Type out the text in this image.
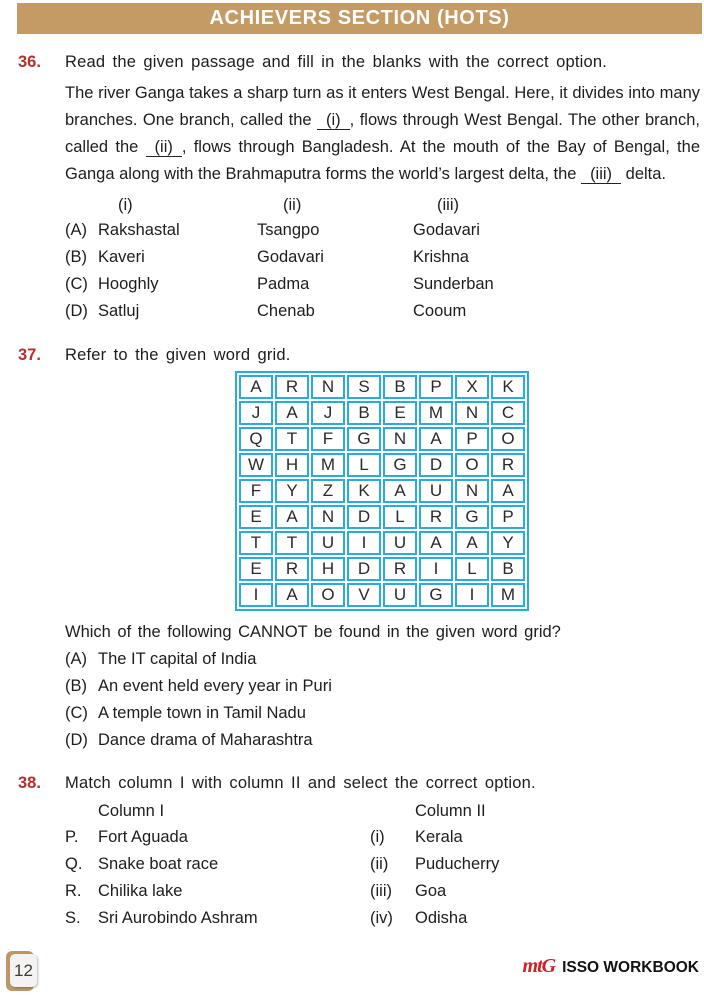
ACHIEVERS SECTION (HOTS)
36.	Read the given passage and fill in the blanks with the correct option.

The river Ganga takes a sharp turn as it enters West Bengal. Here, it divides into many branches. One branch, called the (i) , flows through West Bengal. The other branch, called the (ii) , flows through Bangladesh. At the mouth of the Bay of Bengal, the Ganga along with the Brahmaputra forms the world’s largest delta, the (iii) delta.

(i)	(ii)	(iii)
(A) Rakshastal	Tsangpo	Godavari
(B) Kaveri	Godavari	Krishna
(C) Hooghly	Padma	Sunderban
(D) Satluj	Chenab	Cooum
37.	Refer to the given word grid.
A	R	N	S	B	P	X	K
J	A	J	B	E	M	N	C
Q	T	F	G	N	A	P	O
W	H	M	L	G	D	O	R
F	Y	Z	K	A	U	N	A
E	A	N	D	L	R	G	P
T	T	U	I	U	A	A	Y
E	R	H	D	R	I	L	B
I	A	O	V	U	G	I	M
Which of the following CANNOT be found in the given word grid?
(A) The IT capital of India
(B) An event held every year in Puri
(C) A temple town in Tamil Nadu
(D) Dance drama of Maharashtra
38.	Match column I with column II and select the correct option.
Column I	Column II
P.	Fort Aguada	(i)	Kerala
Q. Snake boat race	(ii)	Puducherry
R.	Chilika lake	(iii)	Goa
S.	Sri Aurobindo Ashram	(iv)	Odisha
12	mtG ISSO WORKBOOK
